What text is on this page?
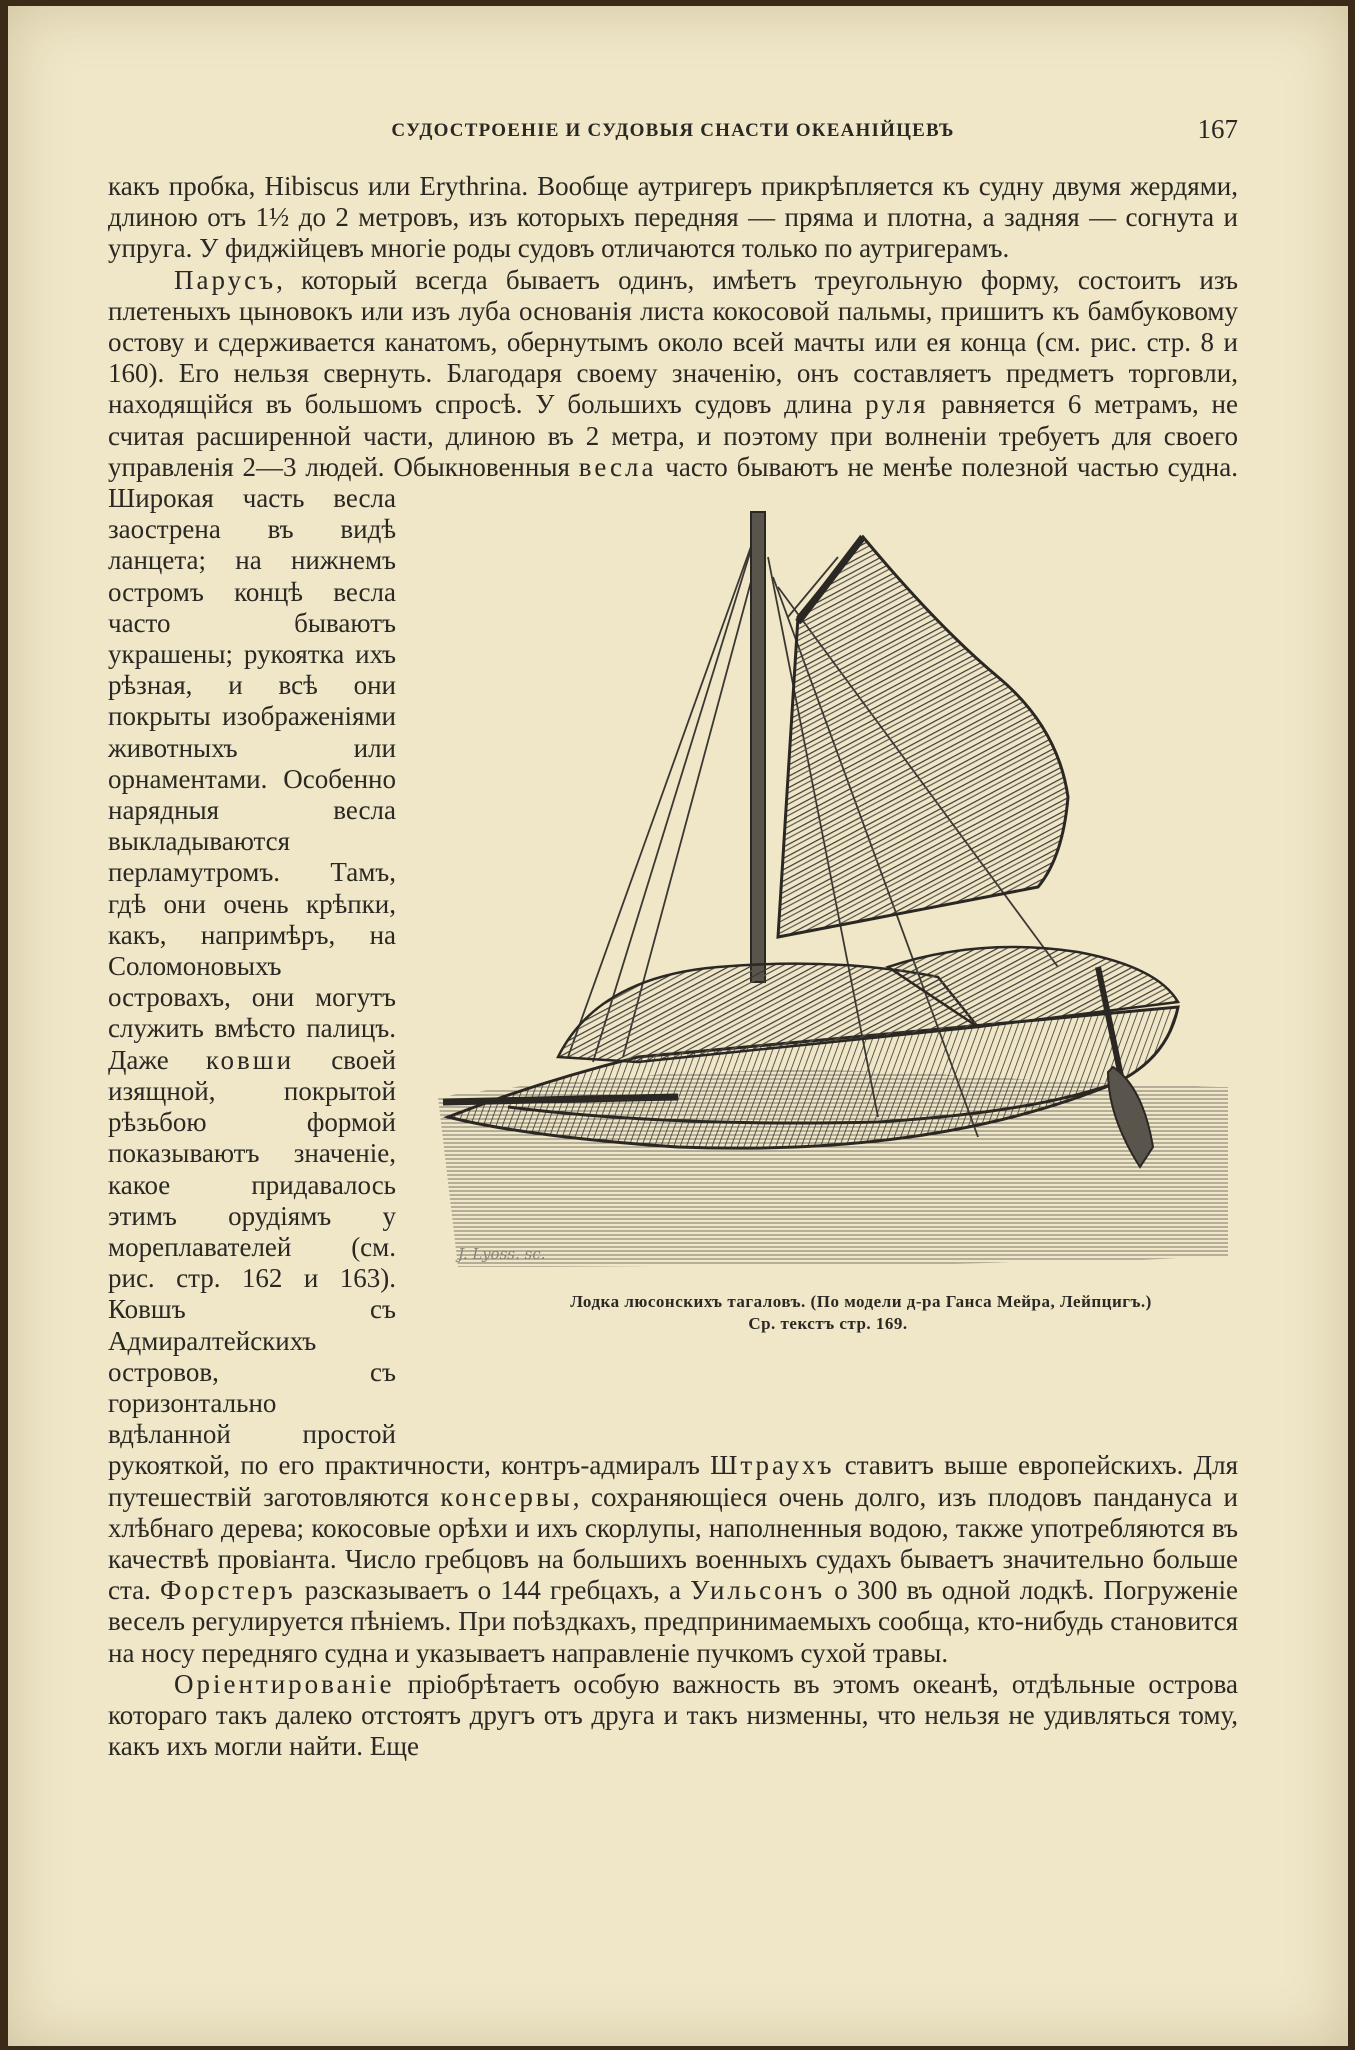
СУДОСТРОЕНІЕ И СУДОВЫЯ СНАСТИ ОКЕАНІЙЦЕВЪ	167

какъ пробка, Hibiscus или Erythrina. Вообще аутригеръ прикрѣпляется къ судну двумя жердями, длиною отъ 1½ до 2 метровъ, изъ которыхъ передняя — пряма и плотна, а задняя — согнута и упруга. У фиджійцевъ многіе роды судовъ отличаются только по аутригерамъ.

Парусъ, который всегда бываетъ одинъ, имѣетъ треугольную форму, состоитъ изъ плетеныхъ цыновокъ или изъ луба основанія листа кокосовой пальмы, пришитъ къ бамбуковому остову и сдерживается канатомъ, обернутымъ около всей мачты или ея конца (см. рис. стр. 8 и 160). Его нельзя свернуть. Благодаря своему значенію, онъ составляетъ предметъ торговли, находящійся въ большомъ спросѣ. У большихъ судовъ длина руля равняется 6 метрамъ, не считая расширенной части, длиною въ 2 метра, и поэтому при волненіи требуетъ для своего управленія 2—3 людей. Обыкновенныя
J. Lyoss. sc.
Лодка люсонскихъ тагаловъ. (По модели д-ра Ганса Мейра, Лейпцигъ.)
Ср. текстъ стр. 169.
весла часто бываютъ не менѣе полезной частью судна. Широкая часть весла заострена въ видѣ ланцета; на нижнемъ остромъ концѣ весла часто бываютъ украшены; рукоятка ихъ рѣзная, и всѣ они покрыты изображеніями животныхъ или орнаментами. Особенно нарядныя весла выкладываются перламутромъ. Тамъ, гдѣ они очень крѣпки, какъ, напримѣръ, на Соломоновыхъ островахъ, они могутъ служить вмѣсто палицъ. Даже ковши своей изящной, покрытой рѣзьбою формой показываютъ значеніе, какое придавалось этимъ орудіямъ у мореплавателей (см. рис. стр. 162 и 163). Ковшъ съ Адмиралтейскихъ островов, съ горизонтально вдѣланной простой рукояткой, по его практичности, контръ-адмиралъ Штраухъ ставитъ выше европейскихъ. Для путешествій заготовляются консервы, сохраняющіеся очень долго, изъ плодовъ пандануса и хлѣбнаго дерева; кокосовые орѣхи и ихъ скорлупы, наполненныя водою, также употребляются въ качествѣ провіанта. Число гребцовъ на большихъ военныхъ судахъ бываетъ значительно больше ста. Форстеръ разсказываетъ о 144 гребцахъ, а Уильсонъ о 300 въ одной лодкѣ. Погруженіе веселъ регулируется пѣніемъ. При поѣздкахъ, предпринимаемыхъ сообща, кто-нибудь становится на носу передняго судна и указываетъ направленіе пучкомъ сухой травы.

Оріентированіе пріобрѣтаетъ особую важность въ этомъ океанѣ, отдѣльные острова котораго такъ далеко отстоятъ другъ отъ друга и такъ низменны, что нельзя не удивляться тому, какъ ихъ могли найти. Еще
